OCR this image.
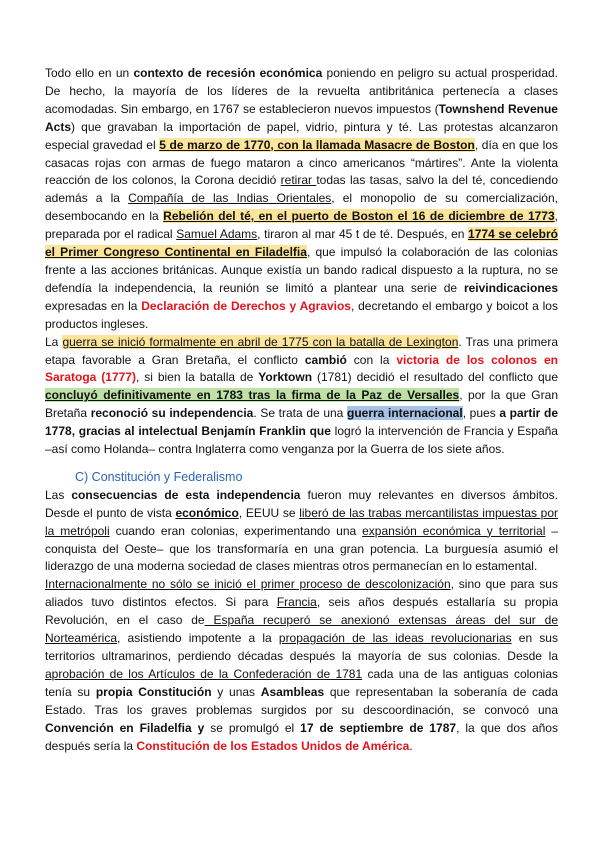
Todo ello en un contexto de recesión económica poniendo en peligro su actual prosperidad. De hecho, la mayoría de los líderes de la revuelta antibritánica pertenecía a clases acomodadas. Sin embargo, en 1767 se establecieron nuevos impuestos (Townshend Revenue Acts) que gravaban la importación de papel, vidrio, pintura y té. Las protestas alcanzaron especial gravedad el 5 de marzo de 1770, con la llamada Masacre de Boston, día en que los casacas rojas con armas de fuego mataron a cinco americanos “mártires”. Ante la violenta reacción de los colonos, la Corona decidió retirar todas las tasas, salvo la del té, concediendo además a la Compañía de las Indias Orientales, el monopolio de su comercialización, desembocando en la Rebelión del té, en el puerto de Boston el 16 de diciembre de 1773, preparada por el radical Samuel Adams, tiraron al mar 45 t de té. Después, en 1774 se celebró el Primer Congreso Continental en Filadelfia, que impulsó la colaboración de las colonias frente a las acciones británicas. Aunque existía un bando radical dispuesto a la ruptura, no se defendía la independencia, la reunión se limitó a plantear una serie de reivindicaciones expresadas en la Declaración de Derechos y Agravios, decretando el embargo y boicot a los productos ingleses.

La guerra se inició formalmente en abril de 1775 con la batalla de Lexington. Tras una primera etapa favorable a Gran Bretaña, el conflicto cambió con la victoria de los colonos en Saratoga (1777), si bien la batalla de Yorktown (1781) decidió el resultado del conflicto que concluyó definitivamente en 1783 tras la firma de la Paz de Versalles, por la que Gran Bretaña reconoció su independencia. Se trata de una guerra internacional, pues a partir de 1778, gracias al intelectual Benjamín Franklin que logró la intervención de Francia y España –así como Holanda– contra Inglaterra como venganza por la Guerra de los siete años.

C) Constitución y Federalismo

Las consecuencias de esta independencia fueron muy relevantes en diversos ámbitos. Desde el punto de vista económico, EEUU se liberó de las trabas mercantilistas impuestas por la metrópoli cuando eran colonias, experimentando una expansión económica y territorial –conquista del Oeste– que los transformaría en una gran potencia. La burguesía asumió el liderazgo de una moderna sociedad de clases mientras otros permanecían en lo estamental.

Internacionalmente no sólo se inició el primer proceso de descolonización, sino que para sus aliados tuvo distintos efectos. Si para Francia, seis años después estallaría su propia Revolución, en el caso de España recuperó se anexionó extensas áreas del sur de Norteamérica, asistiendo impotente a la propagación de las ideas revolucionarias en sus territorios ultramarinos, perdiendo décadas después la mayoría de sus colonias. Desde la aprobación de los Artículos de la Confederación de 1781 cada una de las antiguas colonias tenía su propia Constitución y unas Asambleas que representaban la soberanía de cada Estado. Tras los graves problemas surgidos por su descoordinación, se convocó una Convención en Filadelfia y se promulgó el 17 de septiembre de 1787, la que dos años después sería la Constitución de los Estados Unidos de América.
